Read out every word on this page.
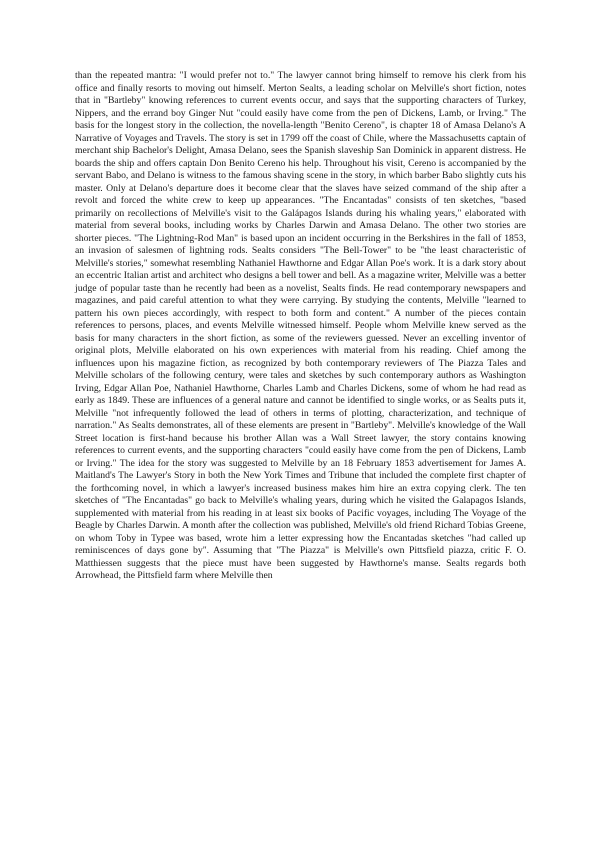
than the repeated mantra: "I would prefer not to." The lawyer cannot bring himself to remove his clerk from his office and finally resorts to moving out himself. Merton Sealts, a leading scholar on Melville's short fiction, notes that in "Bartleby" knowing references to current events occur, and says that the supporting characters of Turkey, Nippers, and the errand boy Ginger Nut "could easily have come from the pen of Dickens, Lamb, or Irving." The basis for the longest story in the collection, the novella-length "Benito Cereno", is chapter 18 of Amasa Delano's A Narrative of Voyages and Travels. The story is set in 1799 off the coast of Chile, where the Massachusetts captain of merchant ship Bachelor's Delight, Amasa Delano, sees the Spanish slaveship San Dominick in apparent distress. He boards the ship and offers captain Don Benito Cereno his help. Throughout his visit, Cereno is accompanied by the servant Babo, and Delano is witness to the famous shaving scene in the story, in which barber Babo slightly cuts his master. Only at Delano's departure does it become clear that the slaves have seized command of the ship after a revolt and forced the white crew to keep up appearances. "The Encantadas" consists of ten sketches, "based primarily on recollections of Melville's visit to the Galápagos Islands during his whaling years," elaborated with material from several books, including works by Charles Darwin and Amasa Delano. The other two stories are shorter pieces. "The Lightning-Rod Man" is based upon an incident occurring in the Berkshires in the fall of 1853, an invasion of salesmen of lightning rods. Sealts considers "The Bell-Tower" to be "the least characteristic of Melville's stories," somewhat resembling Nathaniel Hawthorne and Edgar Allan Poe's work. It is a dark story about an eccentric Italian artist and architect who designs a bell tower and bell. As a magazine writer, Melville was a better judge of popular taste than he recently had been as a novelist, Sealts finds. He read contemporary newspapers and magazines, and paid careful attention to what they were carrying. By studying the contents, Melville "learned to pattern his own pieces accordingly, with respect to both form and content." A number of the pieces contain references to persons, places, and events Melville witnessed himself. People whom Melville knew served as the basis for many characters in the short fiction, as some of the reviewers guessed. Never an excelling inventor of original plots, Melville elaborated on his own experiences with material from his reading. Chief among the influences upon his magazine fiction, as recognized by both contemporary reviewers of The Piazza Tales and Melville scholars of the following century, were tales and sketches by such contemporary authors as Washington Irving, Edgar Allan Poe, Nathaniel Hawthorne, Charles Lamb and Charles Dickens, some of whom he had read as early as 1849. These are influences of a general nature and cannot be identified to single works, or as Sealts puts it, Melville "not infrequently followed the lead of others in terms of plotting, characterization, and technique of narration." As Sealts demonstrates, all of these elements are present in "Bartleby". Melville's knowledge of the Wall Street location is first-hand because his brother Allan was a Wall Street lawyer, the story contains knowing references to current events, and the supporting characters "could easily have come from the pen of Dickens, Lamb or Irving." The idea for the story was suggested to Melville by an 18 February 1853 advertisement for James A. Maitland's The Lawyer's Story in both the New York Times and Tribune that included the complete first chapter of the forthcoming novel, in which a lawyer's increased business makes him hire an extra copying clerk. The ten sketches of "The Encantadas" go back to Melville's whaling years, during which he visited the Galapagos Islands, supplemented with material from his reading in at least six books of Pacific voyages, including The Voyage of the Beagle by Charles Darwin. A month after the collection was published, Melville's old friend Richard Tobias Greene, on whom Toby in Typee was based, wrote him a letter expressing how the Encantadas sketches "had called up reminiscences of days gone by". Assuming that "The Piazza" is Melville's own Pittsfield piazza, critic F. O. Matthiessen suggests that the piece must have been suggested by Hawthorne's manse. Sealts regards both Arrowhead, the Pittsfield farm where Melville then
